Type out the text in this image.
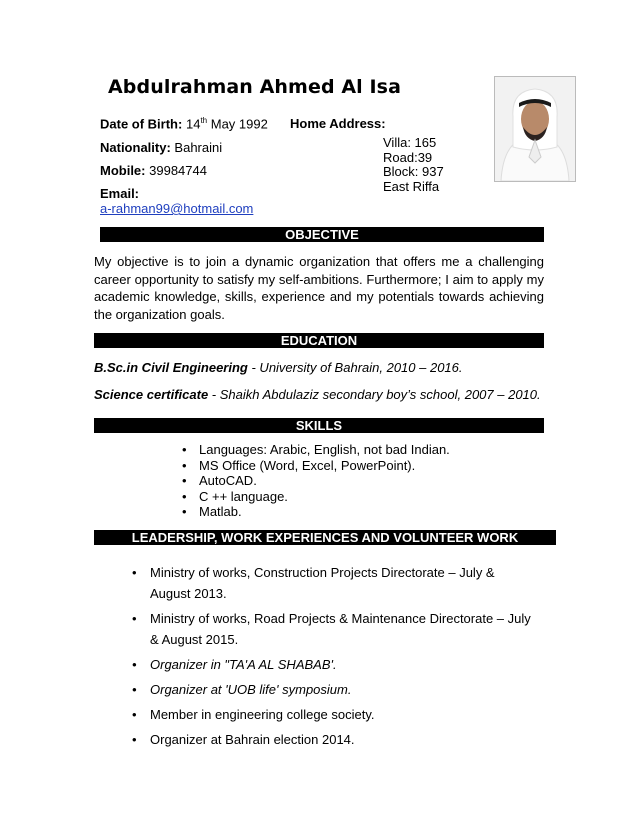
Abdulrahman Ahmed Al Isa
Date of Birth: 14th May 1992
Nationality: Bahraini
Mobile: 39984744
Email:
a-rahman99@hotmail.com
Home Address:
Villa: 165
Road:39
Block: 937
East Riffa
OBJECTIVE
My objective is to join a dynamic organization that offers me a challenging career opportunity to satisfy my self-ambitions. Furthermore; I aim to apply my academic knowledge, skills, experience and my potentials towards achieving the organization goals.
EDUCATION
B.Sc.in Civil Engineering - University of Bahrain, 2010 – 2016.
Science certificate - Shaikh Abdulaziz secondary boy’s school, 2007 – 2010.
SKILLS
• Languages: Arabic, English, not bad Indian.
• MS Office (Word, Excel, PowerPoint).
• AutoCAD.
• C ++ language.
• Matlab.
LEADERSHIP, WORK EXPERIENCES AND VOLUNTEER WORK
• Ministry of works, Construction Projects Directorate – July & August 2013.
• Ministry of works, Road Projects & Maintenance Directorate – July & August 2015.
• Organizer in "TA'A AL SHABAB'.
• Organizer at 'UOB life' symposium.
• Member in engineering college society.
• Organizer at Bahrain election 2014.
